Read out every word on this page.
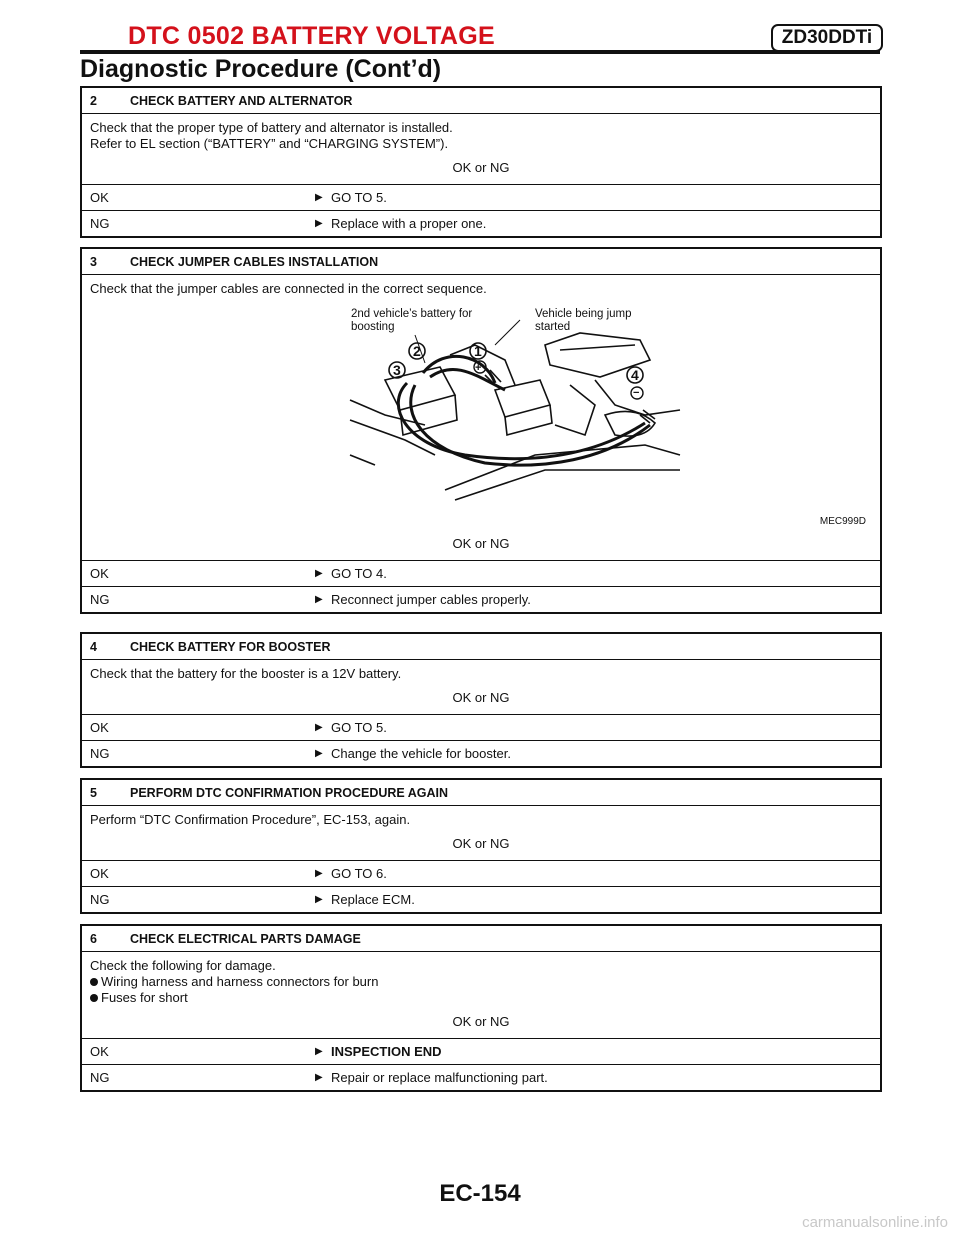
DTC 0502 BATTERY VOLTAGE	ZD30DDTi
Diagnostic Procedure (Cont’d)
2	CHECK BATTERY AND ALTERNATOR
Check that the proper type of battery and alternator is installed.
Refer to EL section (“BATTERY” and “CHARGING SYSTEM”).
OK or NG
OK	▶ GO TO 5.
NG	▶ Replace with a proper one.
3	CHECK JUMPER CABLES INSTALLATION
Check that the jumper cables are connected in the correct sequence.
1
2
3	4
+
−
2nd vehicle’s battery for
boosting
Vehicle being jump
started
MEC999D
OK or NG
OK	▶ GO TO 4.
NG	▶ Reconnect jumper cables properly.
4	CHECK BATTERY FOR BOOSTER
Check that the battery for the booster is a 12V battery.
OK or NG
OK	▶ GO TO 5.
NG	▶ Change the vehicle for booster.
5	PERFORM DTC CONFIRMATION PROCEDURE AGAIN
Perform “DTC Confirmation Procedure”, EC-153, again.
OK or NG
OK	▶ GO TO 6.
NG	▶ Replace ECM.
6	CHECK ELECTRICAL PARTS DAMAGE
Check the following for damage.
Wiring harness and harness connectors for burn
Fuses for short
OK or NG
OK	▶ INSPECTION END
NG	▶ Repair or replace malfunctioning part.
EC-154
carmanualsonline.info
